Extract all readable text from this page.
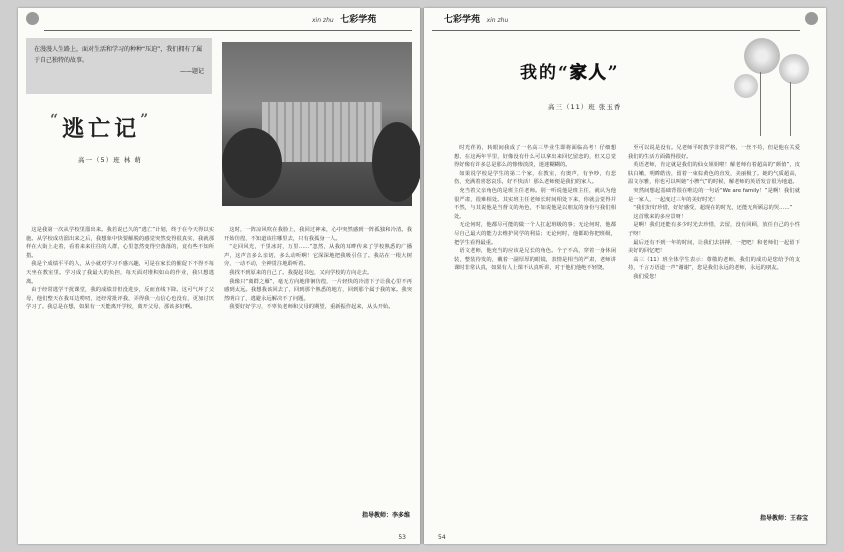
xin zhu 七彩学苑
在漫漫人生路上，面对生活和学习的种种“压迫”，我们拥有了属于自己独特的故事。
——题记
“逃亡记”
高一（5）班 林 萌

这是我第一次从学校里溜出来。我若说已久的“逃亡”计划，终于在今天得以实施。从学校成功溜出来之后，我想象中快要解脱的感觉突然变得很真实，我就那样在大街上走着，看着来来往往的人群，心里忽然变得空落落的，竟有些不知所措。

我是个成绩平平的人，从小就对学习不感兴趣，可是在家长的催促下不得不每天坐在教室里。学习成了我最大的负担，每天面对堆积如山的作业，我只想逃离。

由于经常逃学干扰课堂，我的成绩非但没进步，反而直线下降。这可气坏了父母，他们整天在我耳边唠叨，还经常批评我，弄得我一点信心也没有，更加讨厌学习了。我总是在想，如果有一天能离开学校，离开父母，那该多好啊。

这时，一阵凉风吹在我脸上，我回过神来，心中突然感到一阵孤独和冷清。我开始彷徨，不知道该往哪里去，只有我孤身一人。

“走回风光，千里冰封，万里……”忽然，从我的耳畔传来了学校熟悉的广播声，这声音多么亲切，多么动听啊！它深深地把我吸引住了。我站在一根大树旁，一动不动，全神贯注地聆听着。

我找不到原来的自己了。我提起书包，又向学校的方向走去。

我像只“离群之雁”，毫无方向地徘徊彷徨，一片轻快的冷清下子让我心里不再感到太远。我想我该回去了，回到那个熟悉的地方，回到那个属于我的家。我突然明白了，逃避永远解决不了问题。

我要好好学习，不辜负老师和父母的期望，重新振作起来，从头开始。

指导教师：李多维
53
七彩学苑 xin zhu
我的“家人”
高三（11）班 张玉香

时光荏苒，转眼间我成了一名高三毕业生即将面临高考！仔细想想，在这两年半里，好像没有什么可以拿出来回忆留恋的，但又总觉得好像有许多总是那么的惨惨淡淡，迷迷糊糊的。

如果说学校是学生的第二个家，在教室，有奥声，有争吵，有悲伤，充满着喜怒哀乐，好不快活！那么老师便是我们的家人。

充当着父亲角色的是班主任老师。别一听说他是班主任，就认为他很严肃，很难相处。其实班主任老师长时间相处下来，你就会觉得并不然，与其说他是当督文的角色，不如说他是以朋友的身份与我们相处。

无论何时，他都尽可能的做一个人扛起班级的事；无论何时，他都尽自己最大的能力去维护同学的利益；无论何时，他都助你把班级，把学生看得最重。

语文老师，他充当的应该是兄长的角色。个子不高，穿着一身休闲装，整装待发的，戴着一副厚厚的眼镜，表情是相当的严肃，老师讲课时非常认真，如果有人上课不认真听讲，对于他们他绝不轻饶。

至可以说是没有。兄老师平时教学非常严格，一丝不苟，但是他在关爱我们的生活方面做得很好。

英语老师，肯定就是我们的仙女姐姐啦！解老师有着超高的“颜值”，皮肤白嫩，明眸皓齿，留着一束棕黄色的直发，美丽极了。她的气质超高，温文尔雅，你也可以叫她“小脾气”的时候，解老师的英语发音很为地道。

突然间想起基础背很在唯边的一句话“We are family！”是啊！我们就是一家人，一起度过三年的美好时光！

“我们好好珍惜，好好感受，超现在的时光，还能无所顾忌的哭……”

这首歌来的多应景呀！

是啊！我们还能有多少时光去珍惜，去留，没有回顾，放任自己的小性子呀！

最后还有不到一年的时间，让我们去拼搏，一把吧！和老师们一起留下美好的回忆吧！

高三（11）班全体学生表示：尊敬的老师，我们的成功是您给予的支持，千言万语道一声“谢谢”，您是我们永远的老师，永远的朋友。

我们爱您！

指导教师：王春宝
54
